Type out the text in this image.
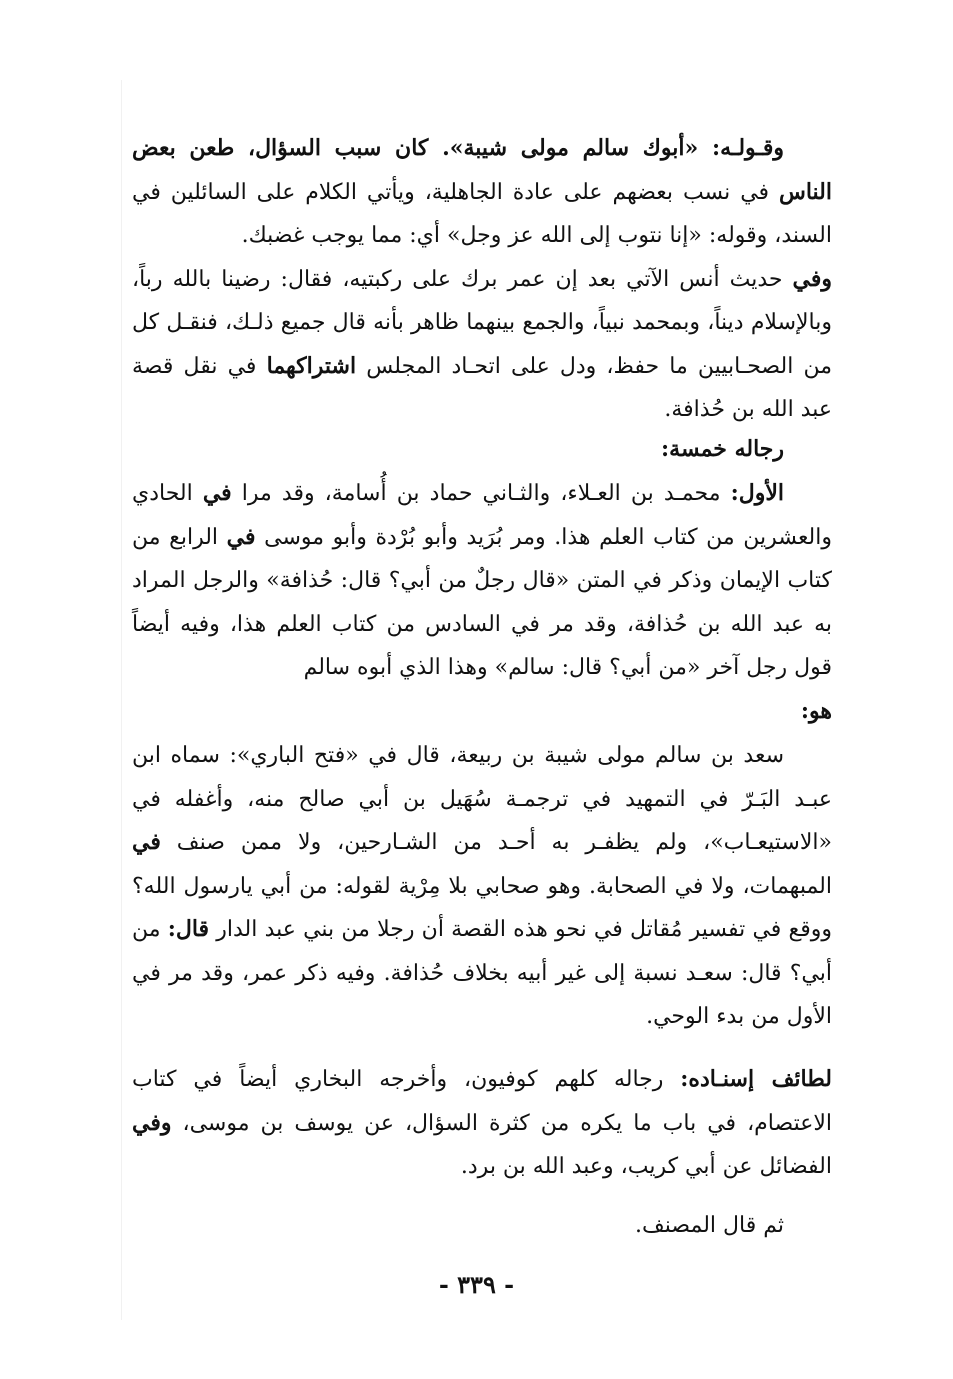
وقـولـه: «أبوك سالم مولى شيبة». كان سبب السؤال، طعن بعض الناس في نسب بعضهم على عادة الجاهلية، ويأتي الكلام على السائلين في السند، وقوله: «إنا نتوب إلى الله عز وجل» أي: مما يوجب غضبك.
وفي حديث أنس الآتي بعد إن عمر برك على ركبتيه، فقال: رضينا بالله رباً، وبالإسلام ديناً، وبمحمد نبياً، والجمع بينهما ظاهر بأنه قال جميع ذلـك، فنقـل كل من الصحـابيين ما حفظ، ودل على اتحـاد المجلس اشتراكهما في نقل قصة عبد الله بن حُذافة.

رجاله خمسة:

الأول: محمـد بن العـلاء، والثـاني حماد بن أُسامة، وقد مرا في الحادي والعشرين من كتاب العلم هذا. ومر بُرَيد وأبو بُرْدة وأبو موسى في الرابع من كتاب الإيمان وذكر في المتن «قال رجلٌ من أبي؟ قال: حُذافة» والرجل المراد به عبد الله بن حُذافة، وقد مر في السادس من كتاب العلم هذا، وفيه أيضاً قول رجل آخر «من أبي؟ قال: سالم» وهذا الذي أبوه سالم
هو:

سعد بن سالم مولى شيبة بن ربيعة، قال في «فتح الباري»: سماه ابن عبـد البَـرّ في التمهيد في ترجمـة سُهَيل بن أبي صالح منه، وأغفله في «الاستيعـاب»، ولم يظفـر به أحـد من الشـارحين، ولا ممن صنف في المبهمات، ولا في الصحابة. وهو صحابي بلا مِرْية لقوله: من أبي يارسول الله؟ ووقع في تفسير مُقاتل في نحو هذه القصة أن رجلا من بني عبد الدار قال: من أبي؟ قال: سعـد نسبة إلى غير أبيه بخلاف حُذافة. وفيه ذكر عمر، وقد مر في الأول من بدء الوحي.

لطائف إسنـاده: رجاله كلهم كوفيون، وأخرجه البخاري أيضاً في كتاب الاعتصام، في باب ما يكره من كثرة السؤال، عن يوسف بن موسى، وفي الفضائل عن أبي كريب، وعبد الله بن برد.

ثم قال المصنف.

- ٣٣٩ -
